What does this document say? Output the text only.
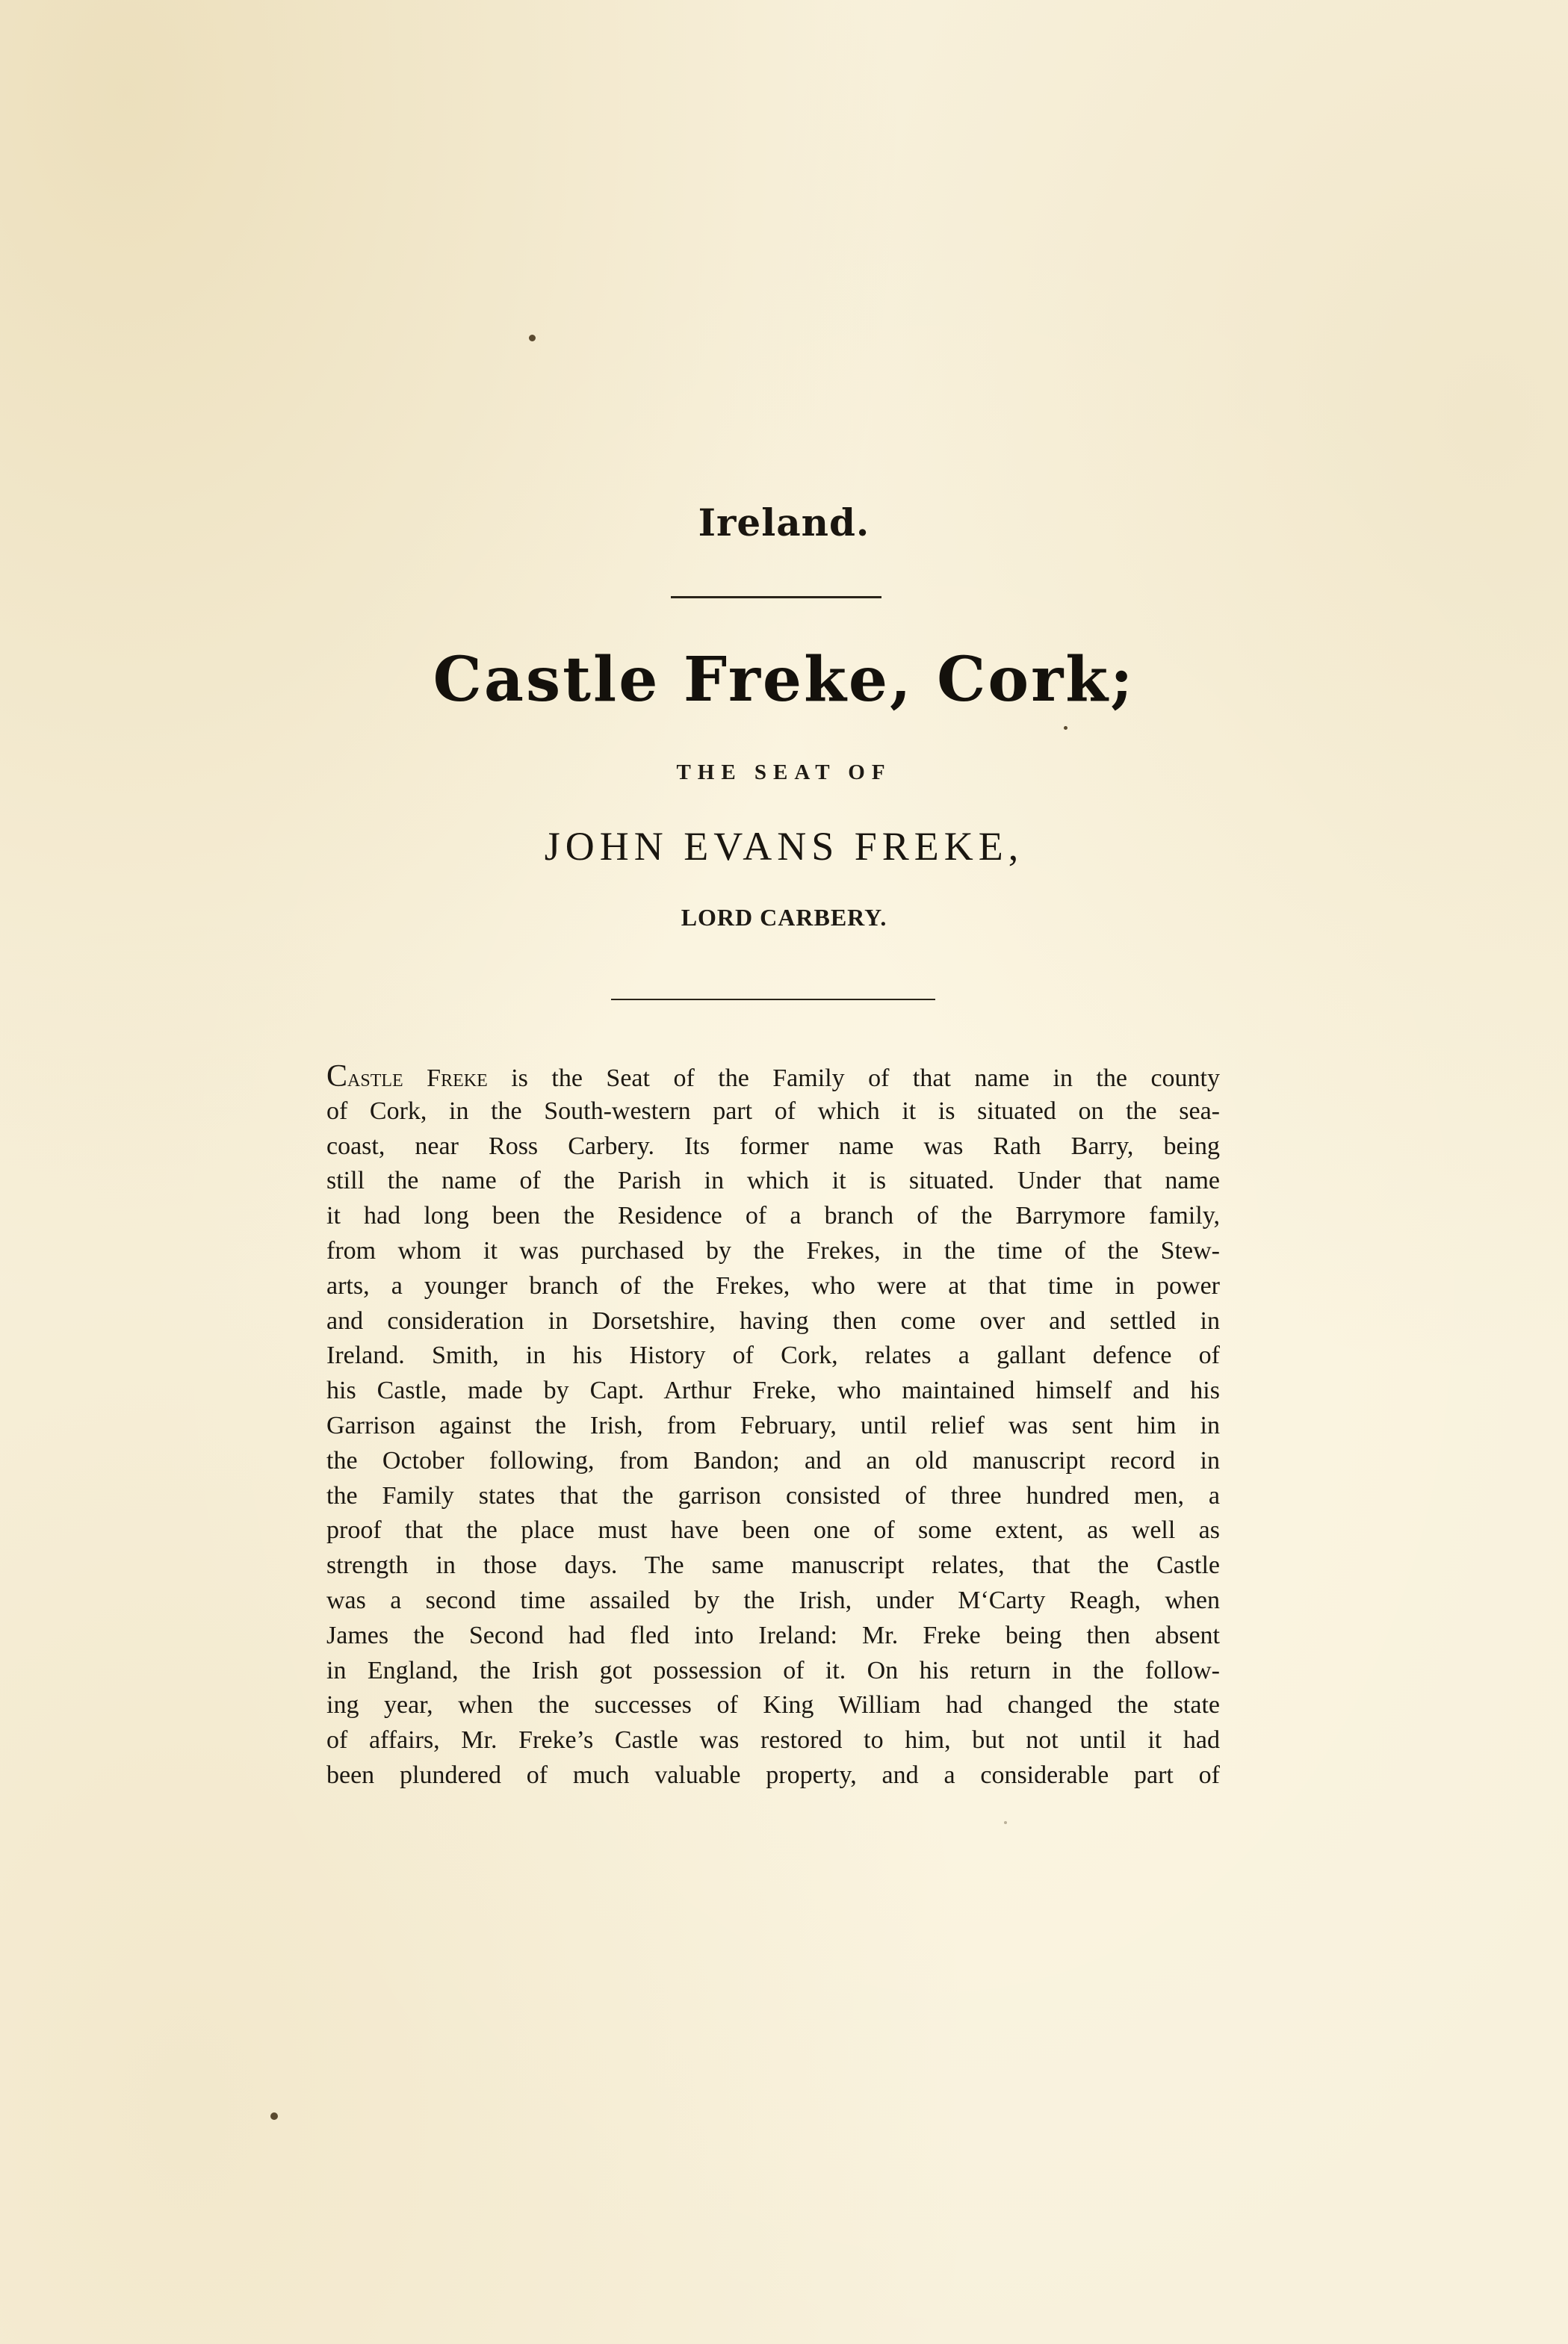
Ireland.
Castle Freke, Cork;
THE SEAT OF
JOHN EVANS FREKE,
LORD CARBERY.
Castle Freke is the Seat of the Family of that name in the county
of Cork, in the South-western part of which it is situated on the sea-
coast, near Ross Carbery. Its former name was Rath Barry, being
still the name of the Parish in which it is situated. Under that name
it had long been the Residence of a branch of the Barrymore family,
from whom it was purchased by the Frekes, in the time of the Stew-
arts, a younger branch of the Frekes, who were at that time in power
and consideration in Dorsetshire, having then come over and settled in
Ireland. Smith, in his History of Cork, relates a gallant defence of
his Castle, made by Capt. Arthur Freke, who maintained himself and his
Garrison against the Irish, from February, until relief was sent him in
the October following, from Bandon; and an old manuscript record in
the Family states that the garrison consisted of three hundred men, a
proof that the place must have been one of some extent, as well as
strength in those days. The same manuscript relates, that the Castle
was a second time assailed by the Irish, under M‘Carty Reagh, when
James the Second had fled into Ireland: Mr. Freke being then absent
in England, the Irish got possession of it. On his return in the follow-
ing year, when the successes of King William had changed the state
of affairs, Mr. Freke’s Castle was restored to him, but not until it had
been plundered of much valuable property, and a considerable part of
